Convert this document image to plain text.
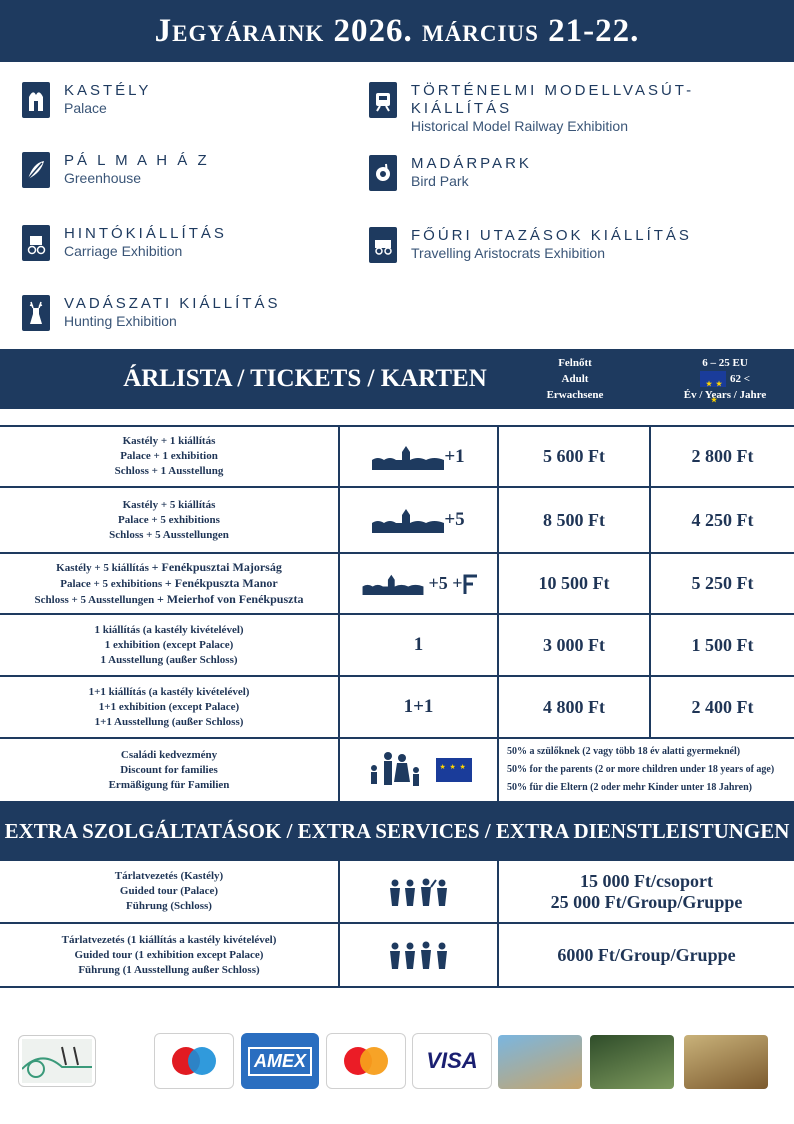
Jegyáraink 2026. március 21-22.
KASTÉLY
Palace
TÖRTÉNELMI MODELLVASÚT-KIÁLLÍTÁS
Historical Model Railway Exhibition
PÁ L M A H Á Z
Greenhouse
MADÁRPARK
Bird Park
HINTÓKIÁLLÍTÁS
Carriage Exhibition
FŐÚRI UTAZÁSOK KIÁLLÍTÁS
Travelling Aristocrats Exhibition
VADÁSZATI KIÁLLÍTÁS
Hunting Exhibition
ÁRLISTA / TICKETS / KARTEN
Felnőtt
Adult
Erwachsene
6 – 25 EU
★ ★ ★
62 <
Év / Years / Jahre
Kastély + 1 kiállítás
Palace + 1 exhibition
Schloss + 1 Ausstellung
+1	5 600 Ft	2 800 Ft
Kastély + 5 kiállítás
Palace + 5 exhibitions
Schloss + 5 Ausstellungen
+5	8 500 Ft	4 250 Ft
Kastély + 5 kiállítás + Fenékpusztai Majorság
Palace + 5 exhibitions + Fenékpuszta Manor
Schloss + 5 Ausstellungen + Meierhof von Fenékpuszta
+5 +	10 500 Ft	5 250 Ft
1 kiállítás (a kastély kivételével)
1 exhibition (except Palace)
1 Ausstellung (außer Schloss)
1	3 000 Ft	1 500 Ft
1+1 kiállítás (a kastély kivételével)
1+1 exhibition (except Palace)
1+1 Ausstellung (außer Schloss)
1+1	4 800 Ft	2 400 Ft
Családi kedvezmény
Discount for families
Ermäßigung für Familien
★ ★ ★
50% a szülőknek (2 vagy több 18 év alatti gyermeknél)
50% for the parents (2 or more children under 18 years of age)
50% für die Eltern (2 oder mehr Kinder unter 18 Jahren)
EXTRA SZOLGÁLTATÁSOK / EXTRA SERVICES / EXTRA DIENSTLEISTUNGEN
Tárlatvezetés (Kastély)
Guided tour (Palace)
Führung (Schloss)
15 000 Ft/csoport
25 000 Ft/Group/Gruppe
Tárlatvezetés (1 kiállítás a kastély kivételével)
Guided tour (1 exhibition except Palace)
Führung (1 Ausstellung außer Schloss)
6000 Ft/Group/Gruppe
AMEX	VISA
